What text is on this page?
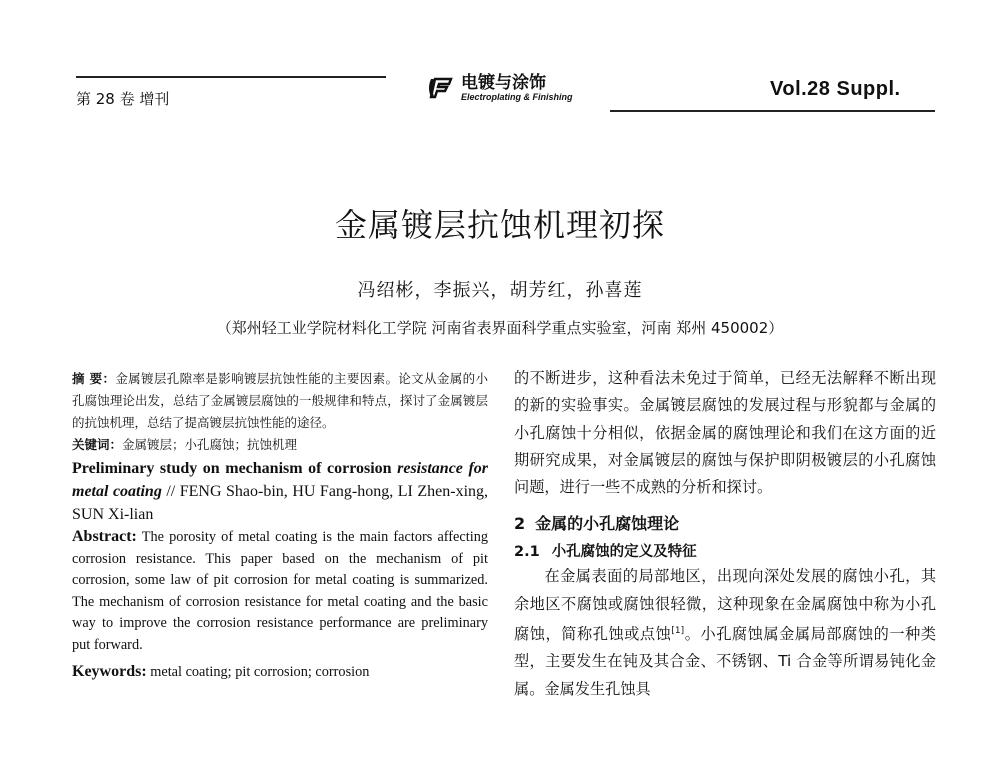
第 28 卷 增刊
电镀与涂饰
Electroplating & Finishing	Vol.28 Suppl.
金属镀层抗蚀机理初探
冯绍彬，李振兴，胡芳红，孙喜莲
（郑州轻工业学院材料化工学院 河南省表界面科学重点实验室，河南 郑州 450002）
摘 要：金属镀层孔隙率是影响镀层抗蚀性能的主要因素。论文从金属的小孔腐蚀理论出发，总结了金属镀层腐蚀的一般规律和特点，探讨了金属镀层的抗蚀机理，总结了提高镀层抗蚀性能的途径。
关键词：金属镀层；小孔腐蚀；抗蚀机理
Preliminary study on mechanism of corrosion resistance for metal coating // FENG Shao-bin, HU Fang-hong, LI Zhen-xing, SUN Xi-lian
Abstract: The porosity of metal coating is the main factors affecting corrosion resistance. This paper based on the mechanism of pit corrosion, some law of pit corrosion for metal coating is summarized. The mechanism of corrosion resistance for metal coating and the basic way to improve the corrosion resistance performance are preliminary put forward.
Keywords: metal coating; pit corrosion; corrosion
的不断进步，这种看法未免过于简单，已经无法解释不断出现的新的实验事实。金属镀层腐蚀的发展过程与形貌都与金属的小孔腐蚀十分相似，依据金属的腐蚀理论和我们在这方面的近期研究成果，对金属镀层的腐蚀与保护即阴极镀层的小孔腐蚀问题，进行一些不成熟的分析和探讨。
2 金属的小孔腐蚀理论
2.1 小孔腐蚀的定义及特征
在金属表面的局部地区，出现向深处发展的腐蚀小孔，其余地区不腐蚀或腐蚀很轻微，这种现象在金属腐蚀中称为小孔腐蚀，简称孔蚀或点蚀[1]。小孔腐蚀属金属局部腐蚀的一种类型，主要发生在钝及其合金、不锈钢、Ti 合金等所谓易钝化金属。金属发生孔蚀具
